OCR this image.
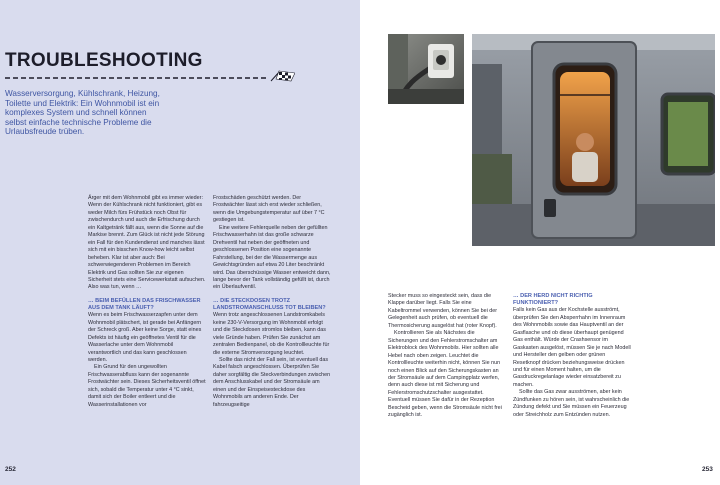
TROUBLESHOOTING
Wasserversorgung, Kühlschrank, Heizung, Toilette und Elektrik: Ein Wohnmobil ist ein komplexes System und schnell können selbst einfache technische Probleme die Urlaubsfreude trüben.

Ärger mit dem Wohnmobil gibt es immer wieder: Wenn der Kühlschrank nicht funktioniert, gibt es weder Milch fürs Frühstück noch Obst für zwischendurch und auch die Erfrischung durch ein Kaltgetränk fällt aus, wenn die Sonne auf die Markise brennt. Zum Glück ist nicht jede Störung ein Fall für den Kundendienst und manches lässt sich mit ein bisschen Know-how leicht selbst beheben. Klar ist aber auch: Bei schwerwiegenderen Problemen im Bereich Elektrik und Gas sollten Sie zur eigenen Sicherheit stets eine Servicewerkstatt aufsuchen. Also was tun, wenn …

… BEIM BEFÜLLEN DAS FRISCHWASSER AUS DEM TANK LÄUFT?

Wenn es beim Frischwasserzapfen unter dem Wohnmobil plätschert, ist gerade bei Anfängern der Schreck groß. Aber keine Sorge, statt eines Defekts ist häufig ein geöffnetes Ventil für die Wasserlache unter dem Wohnmobil verantwortlich und das kann geschlossen werden.

Ein Grund für den ungewollten Frischwasserabfluss kann der sogenannte Frostwächter sein. Dieses Sicherheitsventil öffnet sich, sobald die Temperatur unter 4 °C sinkt, damit sich der Boiler entleert und die Wasserinstallationen vor

Frostschäden geschützt werden. Der Frostwächter lässt sich erst wieder schließen, wenn die Umgebungstemperatur auf über 7 °C gestiegen ist.

Eine weitere Fehlerquelle neben der gefüllten Frischwasserhahn ist das große schwarze Drehventil hat neben der geöffneten und geschlossenen Position eine sogenannte Fahrstellung, bei der die Wassermenge aus Gewichtsgründen auf etwa 20 Liter beschränkt wird. Das überschüssige Wasser entweicht dann, lange bevor der Tank vollständig gefüllt ist, durch ein Überlaufventil.

… DIE STECKDOSEN TROTZ LANDSTROMANSCHLUSS TOT BLEIBEN?

Wenn trotz angeschlossenen Landstromkabels keine 230-V-Versorgung im Wohnmobil erfolgt und die Steckdosen stromlos bleiben, kann das viele Gründe haben. Prüfen Sie zunächst am zentralen Bedienpanel, ob die Kontrollleuchte für die externe Stromversorgung leuchtet.

Sollte das nicht der Fall sein, ist eventuell das Kabel falsch angeschlossen. Überprüfen Sie daher sorgfältig die Steckverbindungen zwischen dem Anschlusskabel und der Stromsäule am einen und der Einspeisesteckdose des Wohnmobils am anderen Ende. Der fahrzeugseitige

252

Stecker muss so eingesteckt sein, dass die Klappe darüber liegt. Falls Sie eine Kabeltrommel verwenden, können Sie bei der Gelegenheit auch prüfen, ob eventuell die Thermosicherung ausgelöst hat (roter Knopf).

Kontrollieren Sie als Nächstes die Sicherungen und den Fehlerstromschalter am Elektroblock des Wohnmobils. Hier sollten alle Hebel nach oben zeigen. Leuchtet die Kontrollleuchte weiterhin nicht, können Sie nun noch einen Blick auf den Sicherungskasten an der Stromsäule auf dem Campingplatz werfen, denn auch diese ist mit Sicherung und Fehlerstromschutzschalter ausgestattet. Eventuell müssen Sie dafür in der Rezeption Bescheid geben, wenn die Stromsäule nicht frei zugänglich ist.

… DER HERD NICHT RICHTIG FUNKTIONIERT?

Falls kein Gas aus der Kochstelle ausströmt, überprüfen Sie den Absperrhahn im Innenraum des Wohnmobils sowie das Hauptventil an der Gasflasche und ob diese überhaupt genügend Gas enthält. Würde der Crashsensor im Gaskasten ausgelöst, müssen Sie je nach Modell und Hersteller den gelben oder grünen Resetknopf drücken beziehungsweise drücken und für einen Moment halten, um die Gasdruckregelanlage wieder einsatzbereit zu machen.

Sollte das Gas zwar ausströmen, aber kein Zündfunken zu hören sein, ist wahrscheinlich die Zündung defekt und Sie müssen ein Feuerzeug oder Streichholz zum Entzünden nutzen.

253
